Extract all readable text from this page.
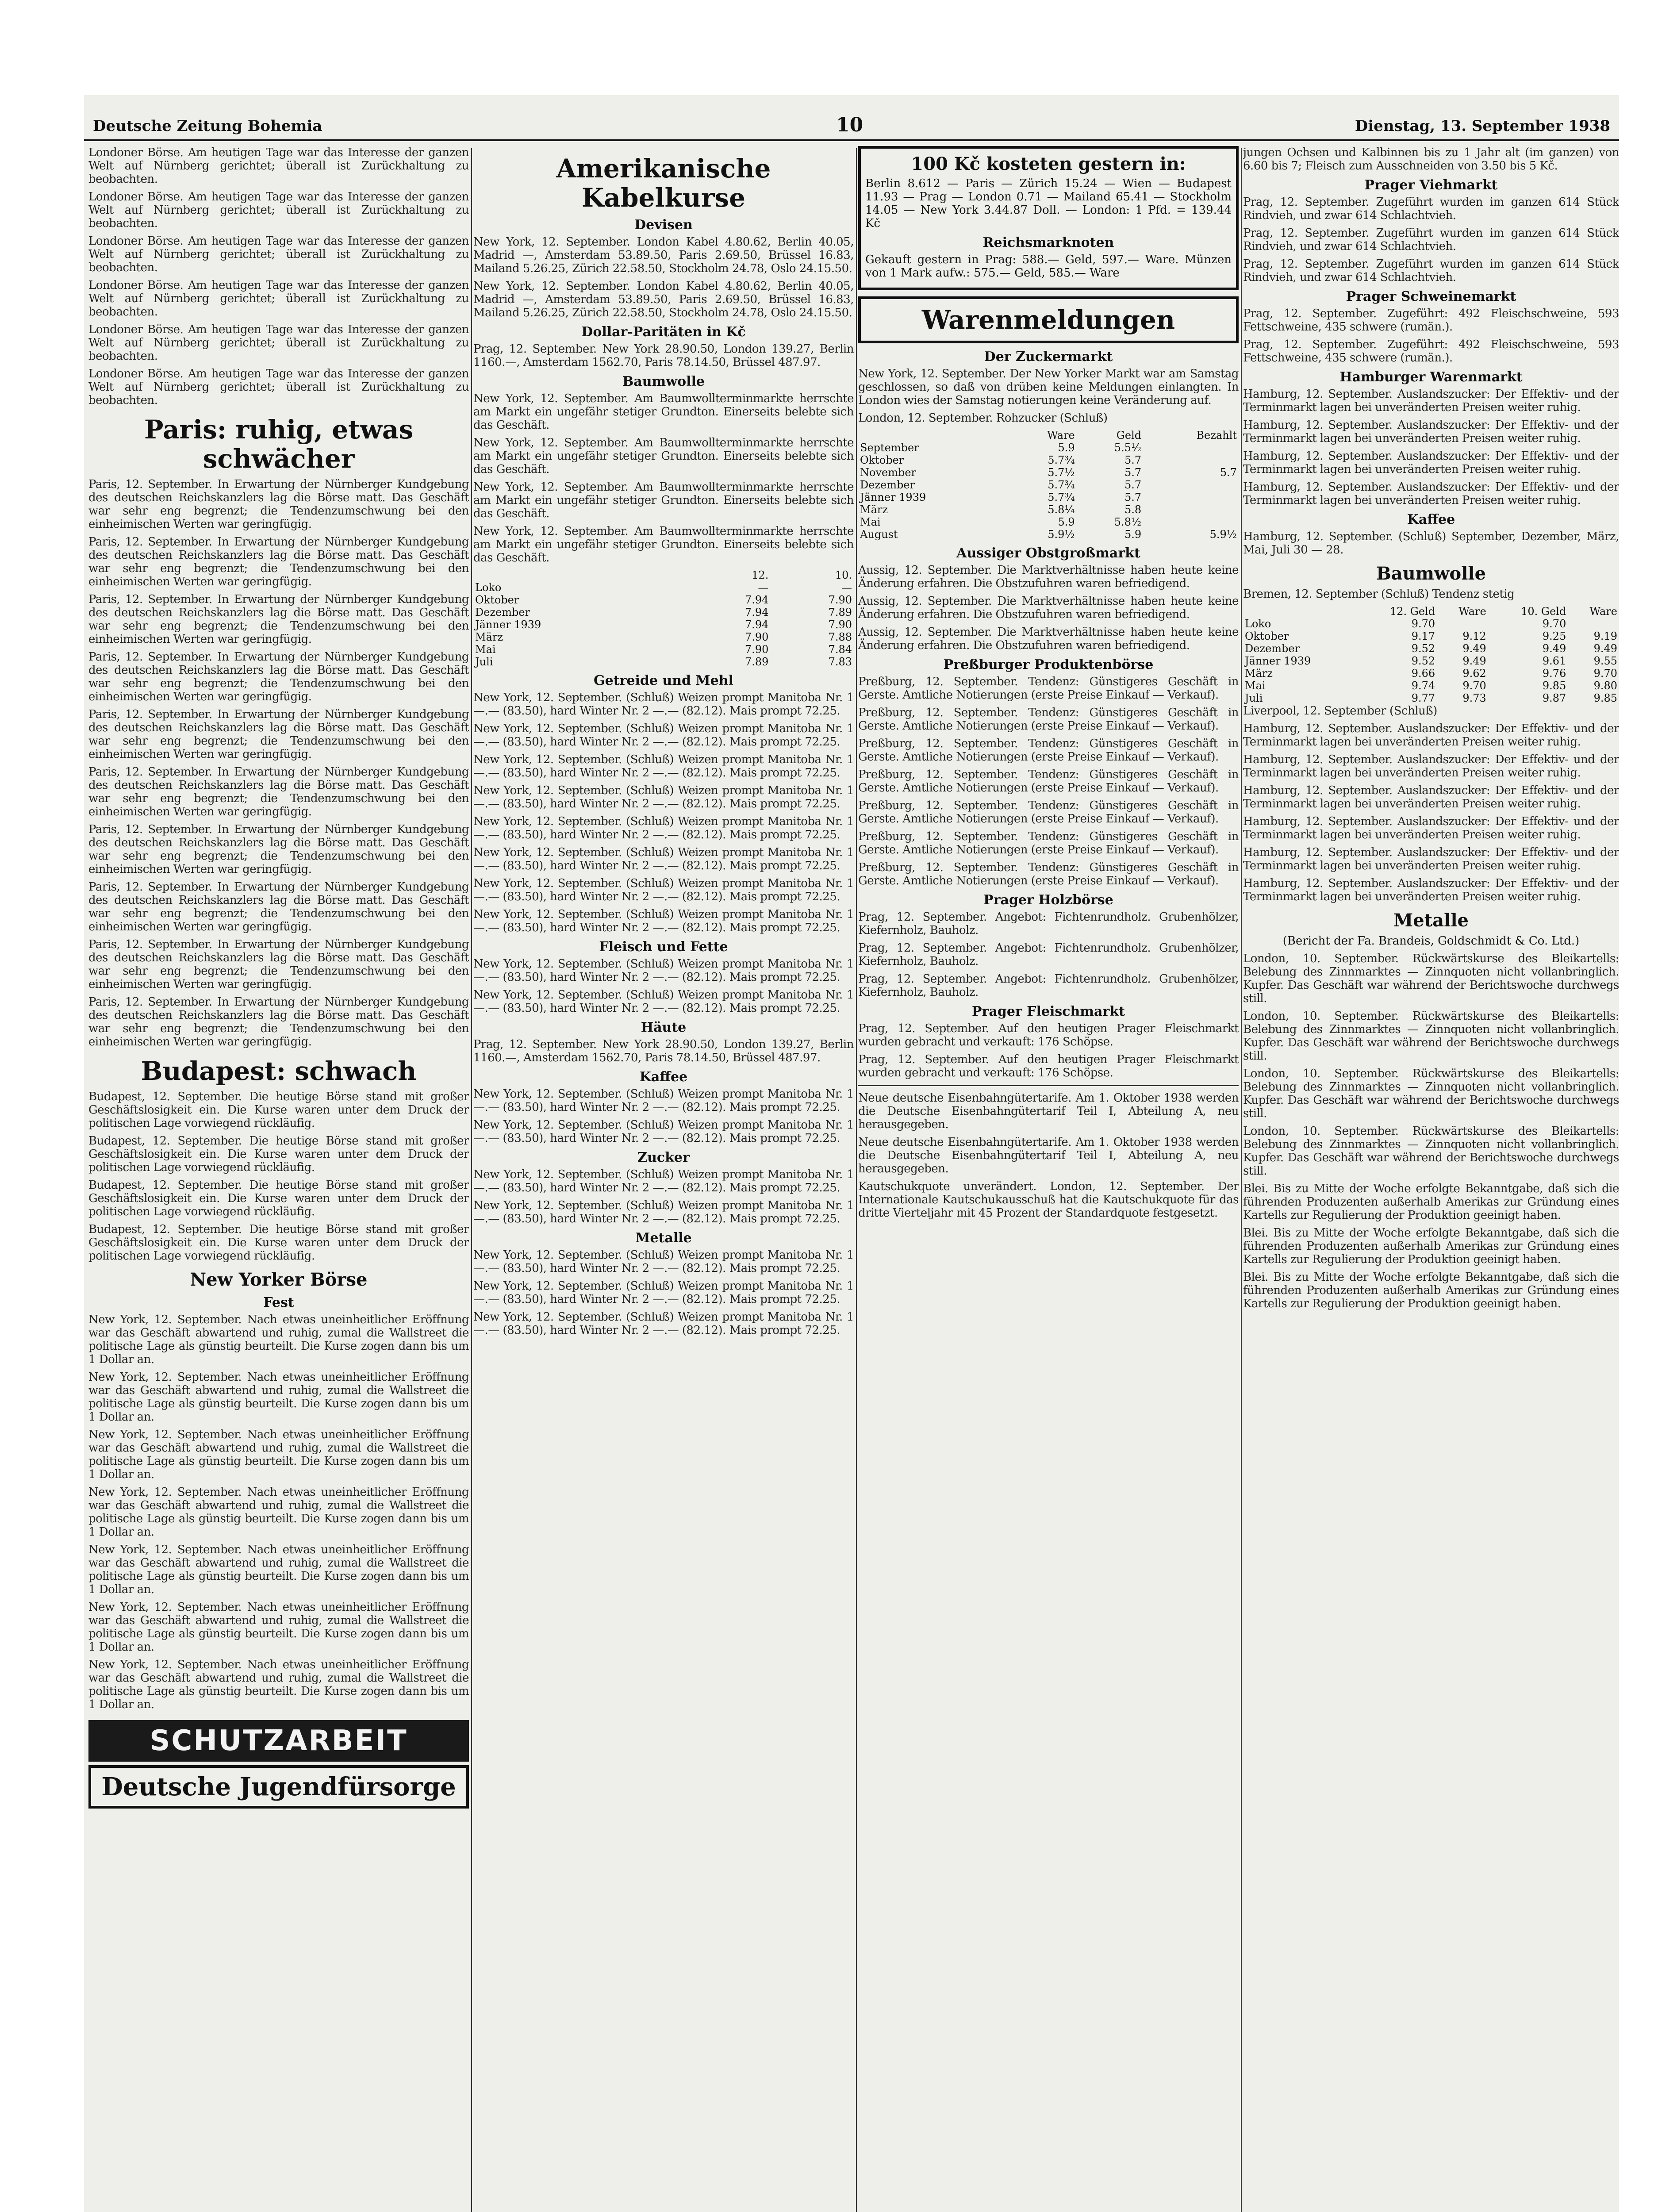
Deutsche Zeitung Bohemia	10	Dienstag, 13. September 1938

Londoner Börse. Am heutigen Tage war das Interesse der ganzen Welt auf Nürnberg gerichtet; überall ist Zurückhaltung zu beobachten.

Londoner Börse. Am heutigen Tage war das Interesse der ganzen Welt auf Nürnberg gerichtet; überall ist Zurückhaltung zu beobachten.

Londoner Börse. Am heutigen Tage war das Interesse der ganzen Welt auf Nürnberg gerichtet; überall ist Zurückhaltung zu beobachten.

Londoner Börse. Am heutigen Tage war das Interesse der ganzen Welt auf Nürnberg gerichtet; überall ist Zurückhaltung zu beobachten.

Londoner Börse. Am heutigen Tage war das Interesse der ganzen Welt auf Nürnberg gerichtet; überall ist Zurückhaltung zu beobachten.

Londoner Börse. Am heutigen Tage war das Interesse der ganzen Welt auf Nürnberg gerichtet; überall ist Zurückhaltung zu beobachten.

Paris: ruhig, etwas schwächer

Paris, 12. September. In Erwartung der Nürnberger Kundgebung des deutschen Reichskanzlers lag die Börse matt. Das Geschäft war sehr eng begrenzt; die Tendenzumschwung bei den einheimischen Werten war geringfügig.

Paris, 12. September. In Erwartung der Nürnberger Kundgebung des deutschen Reichskanzlers lag die Börse matt. Das Geschäft war sehr eng begrenzt; die Tendenzumschwung bei den einheimischen Werten war geringfügig.

Paris, 12. September. In Erwartung der Nürnberger Kundgebung des deutschen Reichskanzlers lag die Börse matt. Das Geschäft war sehr eng begrenzt; die Tendenzumschwung bei den einheimischen Werten war geringfügig.

Paris, 12. September. In Erwartung der Nürnberger Kundgebung des deutschen Reichskanzlers lag die Börse matt. Das Geschäft war sehr eng begrenzt; die Tendenzumschwung bei den einheimischen Werten war geringfügig.

Paris, 12. September. In Erwartung der Nürnberger Kundgebung des deutschen Reichskanzlers lag die Börse matt. Das Geschäft war sehr eng begrenzt; die Tendenzumschwung bei den einheimischen Werten war geringfügig.

Paris, 12. September. In Erwartung der Nürnberger Kundgebung des deutschen Reichskanzlers lag die Börse matt. Das Geschäft war sehr eng begrenzt; die Tendenzumschwung bei den einheimischen Werten war geringfügig.

Paris, 12. September. In Erwartung der Nürnberger Kundgebung des deutschen Reichskanzlers lag die Börse matt. Das Geschäft war sehr eng begrenzt; die Tendenzumschwung bei den einheimischen Werten war geringfügig.

Paris, 12. September. In Erwartung der Nürnberger Kundgebung des deutschen Reichskanzlers lag die Börse matt. Das Geschäft war sehr eng begrenzt; die Tendenzumschwung bei den einheimischen Werten war geringfügig.

Paris, 12. September. In Erwartung der Nürnberger Kundgebung des deutschen Reichskanzlers lag die Börse matt. Das Geschäft war sehr eng begrenzt; die Tendenzumschwung bei den einheimischen Werten war geringfügig.

Paris, 12. September. In Erwartung der Nürnberger Kundgebung des deutschen Reichskanzlers lag die Börse matt. Das Geschäft war sehr eng begrenzt; die Tendenzumschwung bei den einheimischen Werten war geringfügig.

Budapest: schwach

Budapest, 12. September. Die heutige Börse stand mit großer Geschäftslosigkeit ein. Die Kurse waren unter dem Druck der politischen Lage vorwiegend rückläufig.

Budapest, 12. September. Die heutige Börse stand mit großer Geschäftslosigkeit ein. Die Kurse waren unter dem Druck der politischen Lage vorwiegend rückläufig.

Budapest, 12. September. Die heutige Börse stand mit großer Geschäftslosigkeit ein. Die Kurse waren unter dem Druck der politischen Lage vorwiegend rückläufig.

Budapest, 12. September. Die heutige Börse stand mit großer Geschäftslosigkeit ein. Die Kurse waren unter dem Druck der politischen Lage vorwiegend rückläufig.

New Yorker Börse
Fest

New York, 12. September. Nach etwas uneinheitlicher Eröffnung war das Geschäft abwartend und ruhig, zumal die Wallstreet die politische Lage als günstig beurteilt. Die Kurse zogen dann bis um 1 Dollar an.

New York, 12. September. Nach etwas uneinheitlicher Eröffnung war das Geschäft abwartend und ruhig, zumal die Wallstreet die politische Lage als günstig beurteilt. Die Kurse zogen dann bis um 1 Dollar an.

New York, 12. September. Nach etwas uneinheitlicher Eröffnung war das Geschäft abwartend und ruhig, zumal die Wallstreet die politische Lage als günstig beurteilt. Die Kurse zogen dann bis um 1 Dollar an.

New York, 12. September. Nach etwas uneinheitlicher Eröffnung war das Geschäft abwartend und ruhig, zumal die Wallstreet die politische Lage als günstig beurteilt. Die Kurse zogen dann bis um 1 Dollar an.

New York, 12. September. Nach etwas uneinheitlicher Eröffnung war das Geschäft abwartend und ruhig, zumal die Wallstreet die politische Lage als günstig beurteilt. Die Kurse zogen dann bis um 1 Dollar an.

New York, 12. September. Nach etwas uneinheitlicher Eröffnung war das Geschäft abwartend und ruhig, zumal die Wallstreet die politische Lage als günstig beurteilt. Die Kurse zogen dann bis um 1 Dollar an.

New York, 12. September. Nach etwas uneinheitlicher Eröffnung war das Geschäft abwartend und ruhig, zumal die Wallstreet die politische Lage als günstig beurteilt. Die Kurse zogen dann bis um 1 Dollar an.

SCHUTZARBEIT
Deutsche Jugendfürsorge
Amerikanische Kabelkurse
Devisen

New York, 12. September. London Kabel 4.80.62, Berlin 40.05, Madrid —, Amsterdam 53.89.50, Paris 2.69.50, Brüssel 16.83, Mailand 5.26.25, Zürich 22.58.50, Stockholm 24.78, Oslo 24.15.50.

New York, 12. September. London Kabel 4.80.62, Berlin 40.05, Madrid —, Amsterdam 53.89.50, Paris 2.69.50, Brüssel 16.83, Mailand 5.26.25, Zürich 22.58.50, Stockholm 24.78, Oslo 24.15.50.

Dollar-Paritäten in Kč

Prag, 12. September. New York 28.90.50, London 139.27, Berlin 1160.—, Amsterdam 1562.70, Paris 78.14.50, Brüssel 487.97.

Baumwolle

New York, 12. September. Am Baumwollterminmarkte herrschte am Markt ein ungefähr stetiger Grundton. Einerseits belebte sich das Geschäft.

New York, 12. September. Am Baumwollterminmarkte herrschte am Markt ein ungefähr stetiger Grundton. Einerseits belebte sich das Geschäft.

New York, 12. September. Am Baumwollterminmarkte herrschte am Markt ein ungefähr stetiger Grundton. Einerseits belebte sich das Geschäft.

New York, 12. September. Am Baumwollterminmarkte herrschte am Markt ein ungefähr stetiger Grundton. Einerseits belebte sich das Geschäft.

	12.	10.
Loko	—	—
Oktober	7.94	7.90
Dezember	7.94	7.89
Jänner 1939	7.94	7.90
März	7.90	7.88
Mai	7.90	7.84
Juli	7.89	7.83
Getreide und Mehl

New York, 12. September. (Schluß) Weizen prompt Manitoba Nr. 1 —.— (83.50), hard Winter Nr. 2 —.— (82.12). Mais prompt 72.25.

New York, 12. September. (Schluß) Weizen prompt Manitoba Nr. 1 —.— (83.50), hard Winter Nr. 2 —.— (82.12). Mais prompt 72.25.

New York, 12. September. (Schluß) Weizen prompt Manitoba Nr. 1 —.— (83.50), hard Winter Nr. 2 —.— (82.12). Mais prompt 72.25.

New York, 12. September. (Schluß) Weizen prompt Manitoba Nr. 1 —.— (83.50), hard Winter Nr. 2 —.— (82.12). Mais prompt 72.25.

New York, 12. September. (Schluß) Weizen prompt Manitoba Nr. 1 —.— (83.50), hard Winter Nr. 2 —.— (82.12). Mais prompt 72.25.

New York, 12. September. (Schluß) Weizen prompt Manitoba Nr. 1 —.— (83.50), hard Winter Nr. 2 —.— (82.12). Mais prompt 72.25.

New York, 12. September. (Schluß) Weizen prompt Manitoba Nr. 1 —.— (83.50), hard Winter Nr. 2 —.— (82.12). Mais prompt 72.25.

New York, 12. September. (Schluß) Weizen prompt Manitoba Nr. 1 —.— (83.50), hard Winter Nr. 2 —.— (82.12). Mais prompt 72.25.

Fleisch und Fette

New York, 12. September. (Schluß) Weizen prompt Manitoba Nr. 1 —.— (83.50), hard Winter Nr. 2 —.— (82.12). Mais prompt 72.25.

New York, 12. September. (Schluß) Weizen prompt Manitoba Nr. 1 —.— (83.50), hard Winter Nr. 2 —.— (82.12). Mais prompt 72.25.

Häute

Prag, 12. September. New York 28.90.50, London 139.27, Berlin 1160.—, Amsterdam 1562.70, Paris 78.14.50, Brüssel 487.97.

Kaffee

New York, 12. September. (Schluß) Weizen prompt Manitoba Nr. 1 —.— (83.50), hard Winter Nr. 2 —.— (82.12). Mais prompt 72.25.

New York, 12. September. (Schluß) Weizen prompt Manitoba Nr. 1 —.— (83.50), hard Winter Nr. 2 —.— (82.12). Mais prompt 72.25.

Zucker

New York, 12. September. (Schluß) Weizen prompt Manitoba Nr. 1 —.— (83.50), hard Winter Nr. 2 —.— (82.12). Mais prompt 72.25.

New York, 12. September. (Schluß) Weizen prompt Manitoba Nr. 1 —.— (83.50), hard Winter Nr. 2 —.— (82.12). Mais prompt 72.25.

Metalle

New York, 12. September. (Schluß) Weizen prompt Manitoba Nr. 1 —.— (83.50), hard Winter Nr. 2 —.— (82.12). Mais prompt 72.25.

New York, 12. September. (Schluß) Weizen prompt Manitoba Nr. 1 —.— (83.50), hard Winter Nr. 2 —.— (82.12). Mais prompt 72.25.

New York, 12. September. (Schluß) Weizen prompt Manitoba Nr. 1 —.— (83.50), hard Winter Nr. 2 —.— (82.12). Mais prompt 72.25.

100 Kč kosteten gestern in:

Berlin 8.612 — Paris — Zürich 15.24 — Wien — Budapest 11.93 — Prag — London 0.71 — Mailand 65.41 — Stockholm 14.05 — New York 3.44.87 Doll. — London: 1 Pfd. = 139.44 Kč

Reichsmarknoten

Gekauft gestern in Prag: 588.— Geld, 597.— Ware. Münzen von 1 Mark aufw.: 575.— Geld, 585.— Ware

Warenmeldungen
Der Zuckermarkt

New York, 12. September. Der New Yorker Markt war am Samstag geschlossen, so daß von drüben keine Meldungen einlangten. In London wies der Samstag notierungen keine Veränderung auf.

London, 12. September. Rohzucker (Schluß)

	Ware	Geld	Bezahlt
September	5.9	5.5½	
Oktober	5.7¾	5.7	
November	5.7½	5.7	5.7
Dezember	5.7¾	5.7	
Jänner 1939	5.7¾	5.7	
März	5.8¼	5.8	
Mai	5.9	5.8½	
August	5.9½	5.9	5.9½
Aussiger Obstgroßmarkt

Aussig, 12. September. Die Marktverhältnisse haben heute keine Änderung erfahren. Die Obstzufuhren waren befriedigend.

Aussig, 12. September. Die Marktverhältnisse haben heute keine Änderung erfahren. Die Obstzufuhren waren befriedigend.

Aussig, 12. September. Die Marktverhältnisse haben heute keine Änderung erfahren. Die Obstzufuhren waren befriedigend.

Preßburger Produktenbörse

Preßburg, 12. September. Tendenz: Günstigeres Geschäft in Gerste. Amtliche Notierungen (erste Preise Einkauf — Verkauf).

Preßburg, 12. September. Tendenz: Günstigeres Geschäft in Gerste. Amtliche Notierungen (erste Preise Einkauf — Verkauf).

Preßburg, 12. September. Tendenz: Günstigeres Geschäft in Gerste. Amtliche Notierungen (erste Preise Einkauf — Verkauf).

Preßburg, 12. September. Tendenz: Günstigeres Geschäft in Gerste. Amtliche Notierungen (erste Preise Einkauf — Verkauf).

Preßburg, 12. September. Tendenz: Günstigeres Geschäft in Gerste. Amtliche Notierungen (erste Preise Einkauf — Verkauf).

Preßburg, 12. September. Tendenz: Günstigeres Geschäft in Gerste. Amtliche Notierungen (erste Preise Einkauf — Verkauf).

Preßburg, 12. September. Tendenz: Günstigeres Geschäft in Gerste. Amtliche Notierungen (erste Preise Einkauf — Verkauf).

Prager Holzbörse

Prag, 12. September. Angebot: Fichtenrundholz. Grubenhölzer, Kiefernholz, Bauholz.

Prag, 12. September. Angebot: Fichtenrundholz. Grubenhölzer, Kiefernholz, Bauholz.

Prag, 12. September. Angebot: Fichtenrundholz. Grubenhölzer, Kiefernholz, Bauholz.

Prager Fleischmarkt

Prag, 12. September. Auf den heutigen Prager Fleischmarkt wurden gebracht und verkauft: 176 Schöpse.

Prag, 12. September. Auf den heutigen Prager Fleischmarkt wurden gebracht und verkauft: 176 Schöpse.

Neue deutsche Eisenbahngütertarife. Am 1. Oktober 1938 werden die Deutsche Eisenbahngütertarif Teil I, Abteilung A, neu herausgegeben.

Neue deutsche Eisenbahngütertarife. Am 1. Oktober 1938 werden die Deutsche Eisenbahngütertarif Teil I, Abteilung A, neu herausgegeben.

Kautschukquote unverändert. London, 12. September. Der Internationale Kautschukausschuß hat die Kautschukquote für das dritte Vierteljahr mit 45 Prozent der Standardquote festgesetzt.

jungen Ochsen und Kalbinnen bis zu 1 Jahr alt (im ganzen) von 6.60 bis 7; Fleisch zum Ausschneiden von 3.50 bis 5 Kč.

Prager Viehmarkt

Prag, 12. September. Zugeführt wurden im ganzen 614 Stück Rindvieh, und zwar 614 Schlachtvieh.

Prag, 12. September. Zugeführt wurden im ganzen 614 Stück Rindvieh, und zwar 614 Schlachtvieh.

Prag, 12. September. Zugeführt wurden im ganzen 614 Stück Rindvieh, und zwar 614 Schlachtvieh.

Prager Schweinemarkt

Prag, 12. September. Zugeführt: 492 Fleischschweine, 593 Fettschweine, 435 schwere (rumän.).

Prag, 12. September. Zugeführt: 492 Fleischschweine, 593 Fettschweine, 435 schwere (rumän.).

Hamburger Warenmarkt

Hamburg, 12. September. Auslandszucker: Der Effektiv- und der Terminmarkt lagen bei unveränderten Preisen weiter ruhig.

Hamburg, 12. September. Auslandszucker: Der Effektiv- und der Terminmarkt lagen bei unveränderten Preisen weiter ruhig.

Hamburg, 12. September. Auslandszucker: Der Effektiv- und der Terminmarkt lagen bei unveränderten Preisen weiter ruhig.

Hamburg, 12. September. Auslandszucker: Der Effektiv- und der Terminmarkt lagen bei unveränderten Preisen weiter ruhig.

Kaffee

Hamburg, 12. September. (Schluß) September, Dezember, März, Mai, Juli 30 — 28.

Baumwolle

Bremen, 12. September (Schluß) Tendenz stetig

	12. Geld	Ware	10. Geld	Ware
Loko	9.70		9.70	
Oktober	9.17	9.12	9.25	9.19
Dezember	9.52	9.49	9.49	9.49
Jänner 1939	9.52	9.49	9.61	9.55
März	9.66	9.62	9.76	9.70
Mai	9.74	9.70	9.85	9.80
Juli	9.77	9.73	9.87	9.85

Liverpool, 12. September (Schluß)

Hamburg, 12. September. Auslandszucker: Der Effektiv- und der Terminmarkt lagen bei unveränderten Preisen weiter ruhig.

Hamburg, 12. September. Auslandszucker: Der Effektiv- und der Terminmarkt lagen bei unveränderten Preisen weiter ruhig.

Hamburg, 12. September. Auslandszucker: Der Effektiv- und der Terminmarkt lagen bei unveränderten Preisen weiter ruhig.

Hamburg, 12. September. Auslandszucker: Der Effektiv- und der Terminmarkt lagen bei unveränderten Preisen weiter ruhig.

Hamburg, 12. September. Auslandszucker: Der Effektiv- und der Terminmarkt lagen bei unveränderten Preisen weiter ruhig.

Hamburg, 12. September. Auslandszucker: Der Effektiv- und der Terminmarkt lagen bei unveränderten Preisen weiter ruhig.

Metalle

(Bericht der Fa. Brandeis, Goldschmidt & Co. Ltd.)

London, 10. September. Rückwärtskurse des Bleikartells: Belebung des Zinnmarktes — Zinnquoten nicht vollanbringlich. Kupfer. Das Geschäft war während der Berichtswoche durchwegs still.

London, 10. September. Rückwärtskurse des Bleikartells: Belebung des Zinnmarktes — Zinnquoten nicht vollanbringlich. Kupfer. Das Geschäft war während der Berichtswoche durchwegs still.

London, 10. September. Rückwärtskurse des Bleikartells: Belebung des Zinnmarktes — Zinnquoten nicht vollanbringlich. Kupfer. Das Geschäft war während der Berichtswoche durchwegs still.

London, 10. September. Rückwärtskurse des Bleikartells: Belebung des Zinnmarktes — Zinnquoten nicht vollanbringlich. Kupfer. Das Geschäft war während der Berichtswoche durchwegs still.

Blei. Bis zu Mitte der Woche erfolgte Bekanntgabe, daß sich die führenden Produzenten außerhalb Amerikas zur Gründung eines Kartells zur Regulierung der Produktion geeinigt haben.

Blei. Bis zu Mitte der Woche erfolgte Bekanntgabe, daß sich die führenden Produzenten außerhalb Amerikas zur Gründung eines Kartells zur Regulierung der Produktion geeinigt haben.

Blei. Bis zu Mitte der Woche erfolgte Bekanntgabe, daß sich die führenden Produzenten außerhalb Amerikas zur Gründung eines Kartells zur Regulierung der Produktion geeinigt haben.
